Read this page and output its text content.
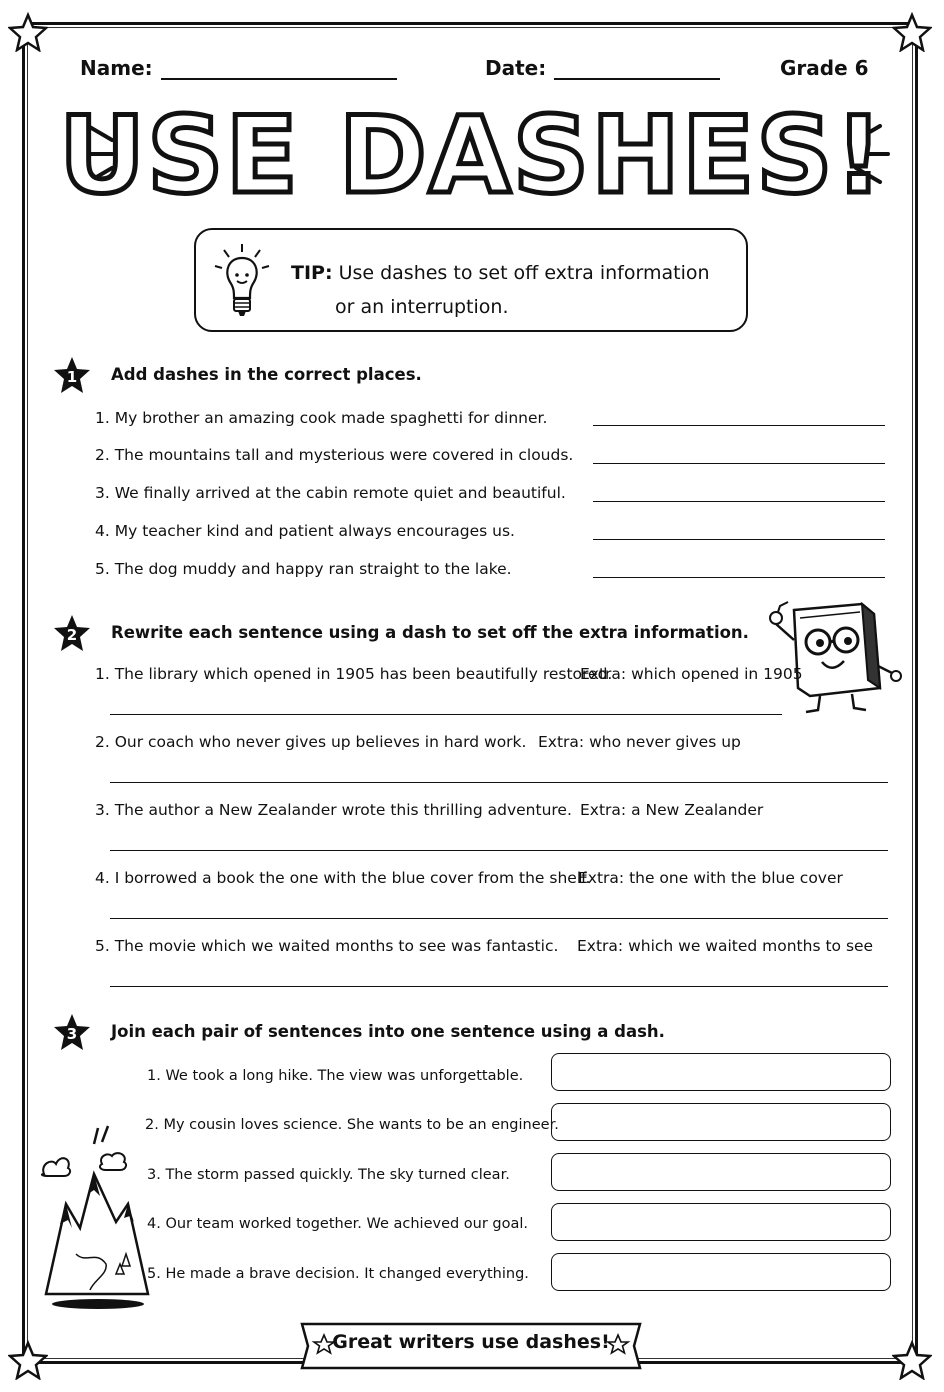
Name:	Date:	Grade 6
USE DASHES!
TIP: Use dashes to set off extra information
or an interruption.
1 Add dashes in the correct places.
1. My brother an amazing cook made spaghetti for dinner.
2. The mountains tall and mysterious were covered in clouds.
3. We finally arrived at the cabin remote quiet and beautiful.
4. My teacher kind and patient always encourages us.
5. The dog muddy and happy ran straight to the lake.
2 Rewrite each sentence using a dash to set off the extra information.
1. The library which opened in 1905 has been beautifully restored.
Extra: which opened in 1905
2. Our coach who never gives up believes in hard work. Extra: who never gives up
3. The author a New Zealander wrote this thrilling adventure. Extra: a New Zealander
4. I borrowed a book the one with the blue cover from the shelf.
Extra: the one with the blue cover
5. The movie which we waited months to see was fantastic. Extra: which we waited months to see
3 Join each pair of sentences into one sentence using a dash.
1. We took a long hike. The view was unforgettable.
2. My cousin loves science. She wants to be an engineer.
3. The storm passed quickly. The sky turned clear.
4. Our team worked together. We achieved our goal.
5. He made a brave decision. It changed everything.
Great writers use dashes!
